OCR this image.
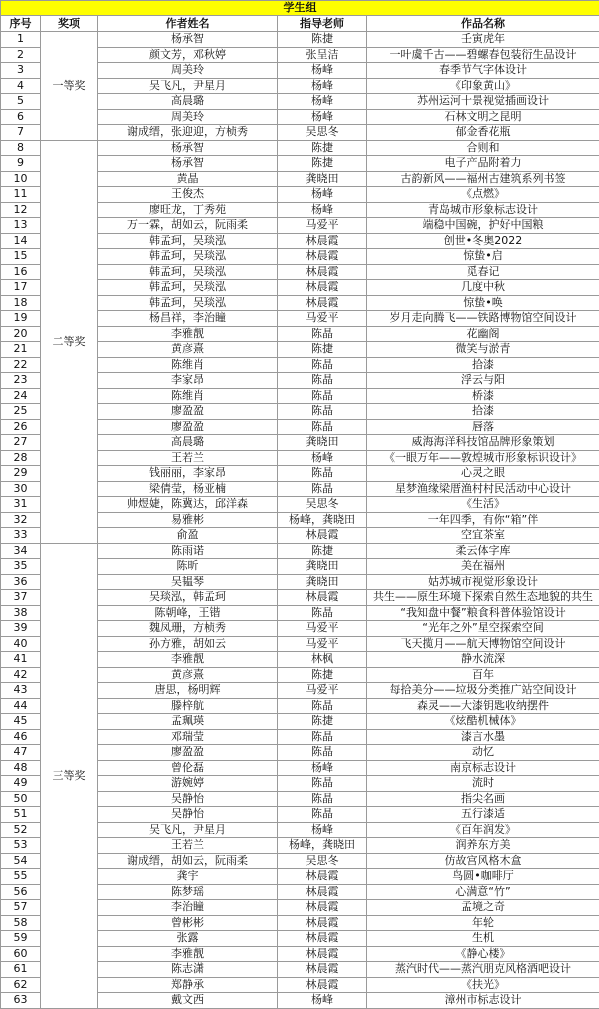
学生组				
序号	奖项	作者姓名	指导老师	作品名称
1	一等奖	杨承智	陈捷	壬寅虎年
2		颜文芳，邓秋婷	张呈洁	一叶虞千古——碧螺春包装衍生品设计
3		周美玲	杨峰	春季节气字体设计
4		吴飞凡，尹星月	杨峰	《印象黄山》
5		高晨璐	杨峰	苏州运河十景视觉插画设计
6		周美玲	杨峰	石林文明之昆明
7		谢成缙，张迎迎，方桢秀	吴思冬	郁金香花瓶
8	二等奖	杨承智	陈捷	合则和
9		杨承智	陈捷	电子产品附着力
10		黄晶	龚晓田	古韵新风——福州古建筑系列书签
11		王俊杰	杨峰	《点燃》
12		廖旺龙，丁秀苑	杨峰	青岛城市形象标志设计
13		万一霖，胡如云，阮雨柔	马爱平	端稳中国碗，护好中国粮
14		韩孟珂，吴琰泓	林晨霞	创世•冬奥2022
15		韩孟珂，吴琰泓	林晨霞	惊蛰•启
16		韩孟珂，吴琰泓	林晨霞	觅春记
17		韩孟珂，吴琰泓	林晨霞	几度中秋
18		韩孟珂，吴琰泓	林晨霞	惊蛰•唤
19		杨昌祥，李治瞳	马爱平	岁月走向腾飞——铁路博物馆空间设计
20		李雅靓	陈晶	花幽阁
21		黄彦熹	陈捷	微笑与淤青
22		陈维肖	陈晶	拾漆
23		李家昂	陈晶	浮云与阳
24		陈维肖	陈晶	桥漆
25		廖盈盈	陈晶	拾漆
26		廖盈盈	陈晶	唇落
27		高晨璐	龚晓田	威海海洋科技馆品牌形象策划
28		王若兰	杨峰	《一眼万年——敦煌城市形象标识设计》
29		钱丽丽，李家昂	陈晶	心灵之眼
30		梁倩莹，杨亚楠	陈晶	星梦渔缘梁厝渔村村民活动中心设计
31		帅煜婕，陈冀达，邱洋森	吴思冬	《生活》
32		易雅彬	杨峰，龚晓田	一年四季，有你“箱”伴
33		俞盈	林晨霞	空宜茶室
34	三等奖	陈雨诺	陈捷	柔云体字库
35		陈昕	龚晓田	美在福州
36		吴韫琴	龚晓田	姑苏城市视觉形象设计
37		吴琰泓，韩孟珂	林晨霞	共生——原生环境下探索自然生态地貌的共生
38		陈朝峰，王锴	陈晶	“我知盘中餐”粮食科普体验馆设计
39		魏凤珊，方桢秀	马爱平	“光年之外”星空探索空间
40		孙方雅，胡如云	马爱平	飞天揽月——航天博物馆空间设计
41		李雅靓	林枫	静水流深
42		黄彦熹	陈捷	百年
43		唐思，杨明辉	马爱平	每拾美分——垃圾分类推广站空间设计
44		滕梓航	陈晶	森灵——大漆钥匙收纳摆件
45		孟珮瑛	陈捷	《炫酷机械体》
46		邓瑞莹	陈晶	漆言水墨
47		廖盈盈	陈晶	动忆
48		曾伦磊	杨峰	南京标志设计
49		游婉婷	陈晶	流时
50		吴静怡	陈晶	指尖名画
51		吴静怡	陈晶	五行漆适
52		吴飞凡，尹星月	杨峰	《百年润发》
53		王若兰	杨峰，龚晓田	润养东方美
54		谢成缙，胡如云，阮雨柔	吴思冬	仿故宫风格木盒
55		龚宇	林晨霞	鸟圆•咖啡厅
56		陈梦瑶	林晨霞	心满意“竹”
57		李治瞳	林晨霞	孟境之奇
58		曾彬彬	林晨霞	年轮
59		张露	林晨霞	生机
60		李雅靓	林晨霞	《静心楼》
61		陈志潇	林晨霞	蒸汽时代——蒸汽朋克风格酒吧设计
62		郑静承	林晨霞	《扶光》
63		戴文西	杨峰	漳州市标志设计
